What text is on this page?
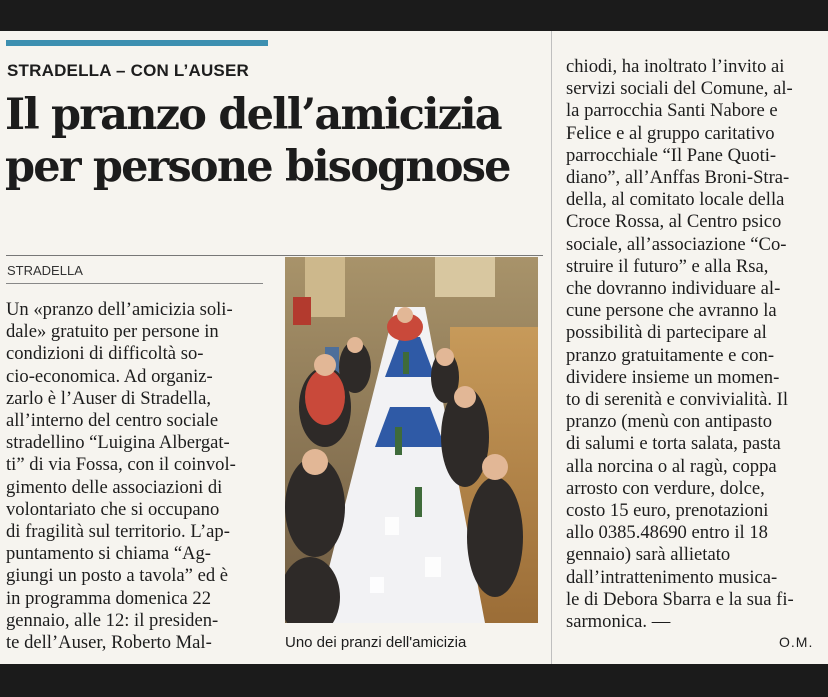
STRADELLA – CON L’AUSER
Il pranzo dell’amicizia
per persone bisognose
STRADELLA
Un «pranzo dell’amicizia soli-
dale» gratuito per persone in
condizioni di difficoltà so-
cio-economica. Ad organiz-
zarlo è l’Auser di Stradella,
all’interno del centro sociale
stradellino “Luigina Albergat-
ti” di via Fossa, con il coinvol-
gimento delle associazioni di
volontariato che si occupano
di fragilità sul territorio. L’ap-
puntamento si chiama “Ag-
giungi un posto a tavola” ed è
in programma domenica 22
gennaio, alle 12: il presiden-
te dell’Auser, Roberto Mal-	Uno dei pranzi dell'amicizia
chiodi, ha inoltrato l’invito ai
servizi sociali del Comune, al-
la parrocchia Santi Nabore e
Felice e al gruppo caritativo
parrocchiale “Il Pane Quoti-
diano”, all’Anffas Broni-Stra-
della, al comitato locale della
Croce Rossa, al Centro psico
sociale, all’associazione “Co-
struire il futuro” e alla Rsa,
che dovranno individuare al-
cune persone che avranno la
possibilità di partecipare al
pranzo gratuitamente e con-
dividere insieme un momen-
to di serenità e convivialità. Il
pranzo (menù con antipasto
di salumi e torta salata, pasta
alla norcina o al ragù, coppa
arrosto con verdure, dolce,
costo 15 euro, prenotazioni
allo 0385.48690 entro il 18
gennaio) sarà allietato
dall’intrattenimento musica-
le di Debora Sbarra e la sua fi-
sarmonica. —
O.M.
